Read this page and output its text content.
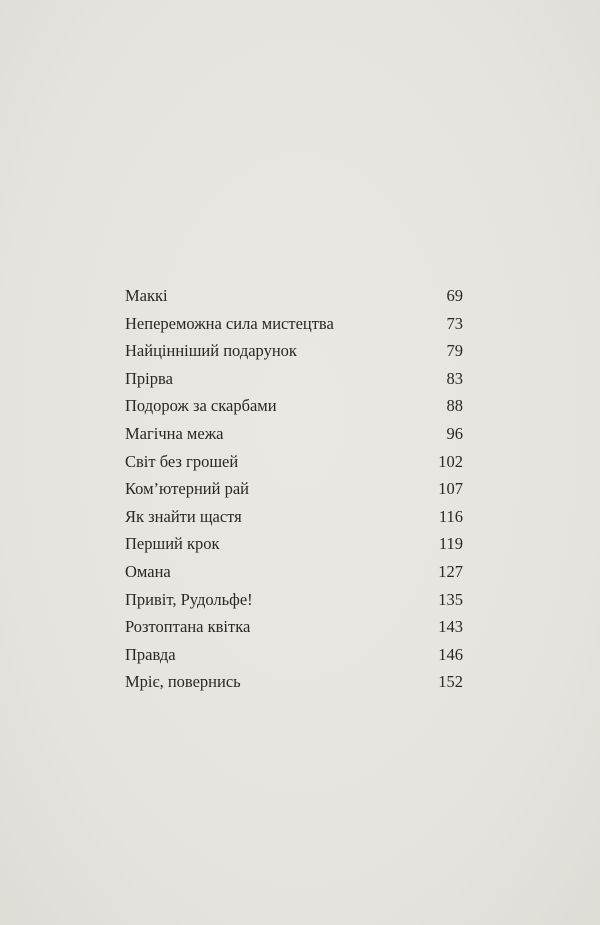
Маккі	69
Непереможна сила мистецтва	73
Найцінніший подарунок	79
Прірва	83
Подорож за скарбами	88
Магічна межа	96
Світ без грошей	102
Ком’ютерний рай	107
Як знайти щастя	116
Перший крок	119
Омана	127
Привіт, Рудольфе!	135
Розтоптана квітка	143
Правда	146
Мріє, повернись	152
